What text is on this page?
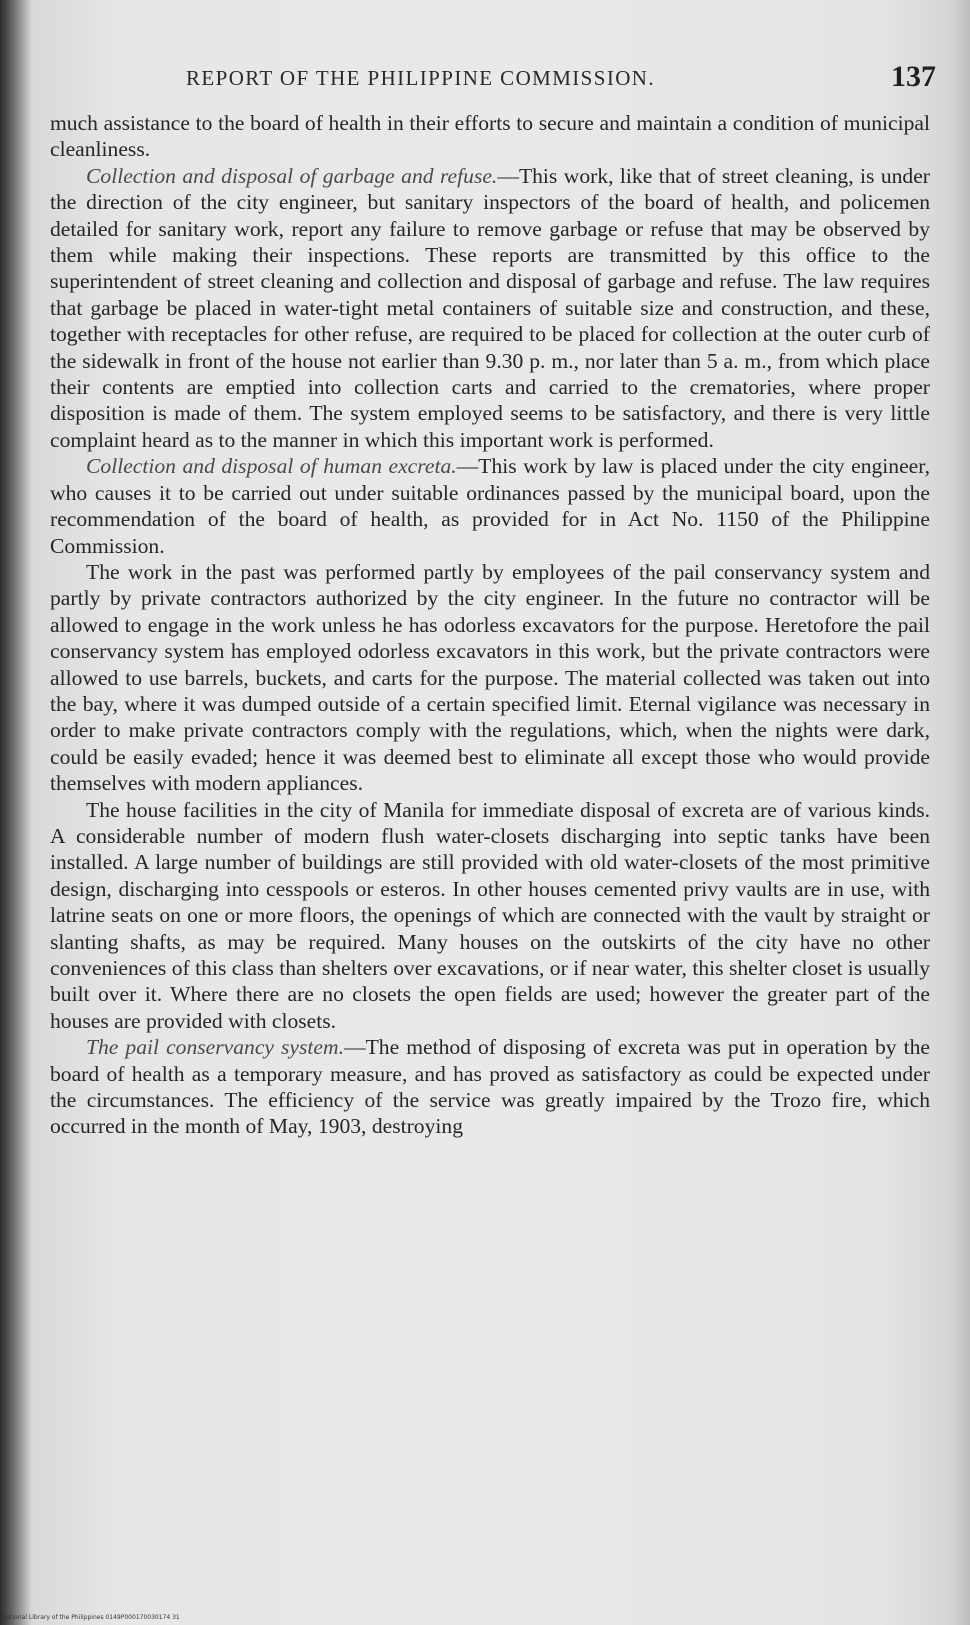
REPORT OF THE PHILIPPINE COMMISSION.	137

much assistance to the board of health in their efforts to secure and maintain a condition of municipal cleanliness.

Collection and disposal of garbage and refuse.—This work, like that of street cleaning, is under the direction of the city engineer, but sanitary inspectors of the board of health, and policemen detailed for sanitary work, report any failure to remove garbage or refuse that may be observed by them while making their inspections. These reports are transmitted by this office to the superintendent of street cleaning and collection and disposal of garbage and refuse. The law requires that garbage be placed in water-tight metal containers of suitable size and construction, and these, together with receptacles for other refuse, are required to be placed for collection at the outer curb of the sidewalk in front of the house not earlier than 9.30 p. m., nor later than 5 a. m., from which place their contents are emptied into collection carts and carried to the crematories, where proper disposition is made of them. The system employed seems to be satisfactory, and there is very little complaint heard as to the manner in which this important work is performed.

Collection and disposal of human excreta.—This work by law is placed under the city engineer, who causes it to be carried out under suitable ordinances passed by the municipal board, upon the recommendation of the board of health, as provided for in Act No. 1150 of the Philippine Commission.

The work in the past was performed partly by employees of the pail conservancy system and partly by private contractors authorized by the city engineer. In the future no contractor will be allowed to engage in the work unless he has odorless excavators for the purpose. Heretofore the pail conservancy system has employed odorless excavators in this work, but the private contractors were allowed to use barrels, buckets, and carts for the purpose. The material collected was taken out into the bay, where it was dumped outside of a certain specified limit. Eternal vigilance was necessary in order to make private contractors comply with the regulations, which, when the nights were dark, could be easily evaded; hence it was deemed best to eliminate all except those who would provide themselves with modern appliances.

The house facilities in the city of Manila for immediate disposal of excreta are of various kinds. A considerable number of modern flush water-closets discharging into septic tanks have been installed. A large number of buildings are still provided with old water-closets of the most primitive design, discharging into cesspools or esteros. In other houses cemented privy vaults are in use, with latrine seats on one or more floors, the openings of which are connected with the vault by straight or slanting shafts, as may be required. Many houses on the outskirts of the city have no other conveniences of this class than shelters over excavations, or if near water, this shelter closet is usually built over it. Where there are no closets the open fields are used; however the greater part of the houses are provided with closets.

The pail conservancy system.—The method of disposing of excreta was put in operation by the board of health as a temporary measure, and has proved as satisfactory as could be expected under the circumstances. The efficiency of the service was greatly impaired by the Trozo fire, which occurred in the month of May, 1903, destroying

National Library of the Philippines 0149P000170030174 31
